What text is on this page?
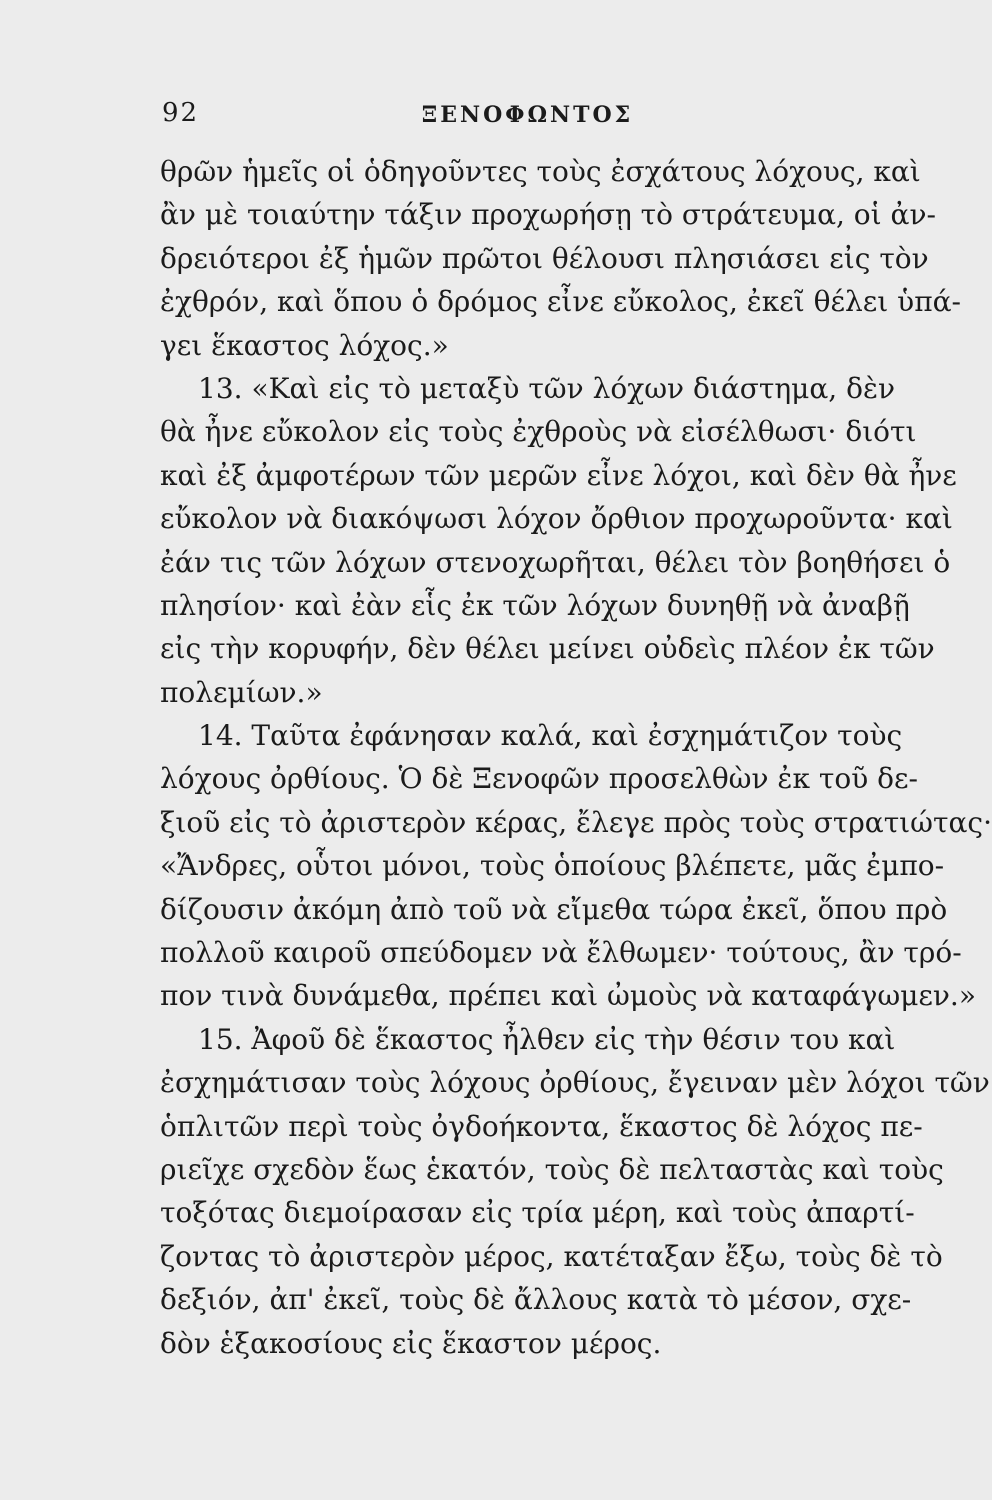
92	ΞΕΝΟΦΩΝΤΟΣ
θρῶν ἡμεῖς οἱ ὁδηγοῦντες τοὺς ἐσχάτους λόχους, καὶ
ἂν μὲ τοιαύτην τάξιν προχωρήσῃ τὸ στράτευμα, οἱ ἀν-
δρειότεροι ἐξ ἡμῶν πρῶτοι θέλουσι πλησιάσει εἰς τὸν
ἐχθρόν, καὶ ὅπου ὁ δρόμος εἶνε εὔκολος, ἐκεῖ θέλει ὑπά-
γει ἕκαστος λόχος.»
13. «Καὶ εἰς τὸ μεταξὺ τῶν λόχων διάστημα, δὲν
θὰ ἦνε εὔκολον εἰς τοὺς ἐχθροὺς νὰ εἰσέλθωσι· διότι
καὶ ἐξ ἀμφοτέρων τῶν μερῶν εἶνε λόχοι, καὶ δὲν θὰ ἦνε
εὔκολον νὰ διακόψωσι λόχον ὄρθιον προχωροῦντα· καὶ
ἐάν τις τῶν λόχων στενοχωρῆται, θέλει τὸν βοηθήσει ὁ
πλησίον· καὶ ἐὰν εἷς ἐκ τῶν λόχων δυνηθῇ νὰ ἀναβῇ
εἰς τὴν κορυφήν, δὲν θέλει μείνει οὐδεὶς πλέον ἐκ τῶν
πολεμίων.»
14. Ταῦτα ἐφάνησαν καλά, καὶ ἐσχημάτιζον τοὺς
λόχους ὀρθίους. Ὁ δὲ Ξενοφῶν προσελθὼν ἐκ τοῦ δε-
ξιοῦ εἰς τὸ ἀριστερὸν κέρας, ἔλεγε πρὸς τοὺς στρατιώτας·
«Ἄνδρες, οὗτοι μόνοι, τοὺς ὁποίους βλέπετε, μᾶς ἐμπο-
δίζουσιν ἀκόμη ἀπὸ τοῦ νὰ εἴμεθα τώρα ἐκεῖ, ὅπου πρὸ
πολλοῦ καιροῦ σπεύδομεν νὰ ἔλθωμεν· τούτους, ἂν τρό-
πον τινὰ δυνάμεθα, πρέπει καὶ ὠμοὺς νὰ καταφάγωμεν.»
15. Ἀφοῦ δὲ ἕκαστος ἦλθεν εἰς τὴν θέσιν του καὶ
ἐσχημάτισαν τοὺς λόχους ὀρθίους, ἔγειναν μὲν λόχοι τῶν
ὁπλιτῶν περὶ τοὺς ὀγδοήκοντα, ἕκαστος δὲ λόχος πε-
ριεῖχε σχεδὸν ἕως ἑκατόν, τοὺς δὲ πελταστὰς καὶ τοὺς
τοξότας διεμοίρασαν εἰς τρία μέρη, καὶ τοὺς ἀπαρτί-
ζοντας τὸ ἀριστερὸν μέρος, κατέταξαν ἔξω, τοὺς δὲ τὸ
δεξιόν, ἀπ' ἐκεῖ, τοὺς δὲ ἄλλους κατὰ τὸ μέσον, σχε-
δὸν ἑξακοσίους εἰς ἕκαστον μέρος.
